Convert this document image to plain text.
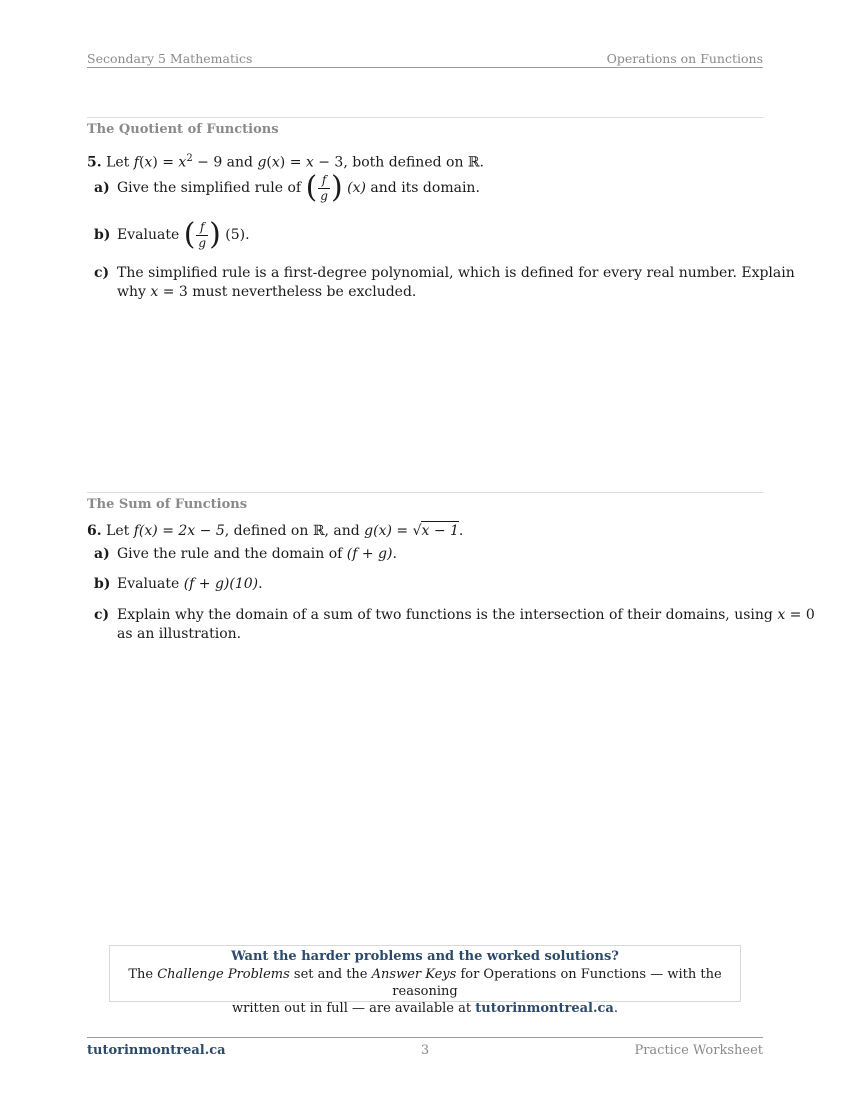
Secondary 5 Mathematics	Operations on Functions
The Quotient of Functions
5. Let $f(x) = x^2 - 9$ and g(x) = x − 3, both defined on ℝ.
a) Give the simplified rule of
( $\frac{f}{g}$ )
(x)
and its domain.
b) Evaluate
( $\frac{f}{g}$ )
(5).
c) The simplified rule is a first-degree polynomial, which is defined for every real number. Explain
why x = 3 must nevertheless be excluded.
The Sum of Functions
6. Let f(x) = 2x − 5, defined on ℝ, and g(x) = √x − 1.
a) Give the rule and the domain of (f + g).
b) Evaluate (f + g)(10).
c) Explain why the domain of a sum of two functions is the intersection of their domains, using x = 0
as an illustration.
Want the harder problems and the worked solutions?
The Challenge Problems set and the Answer Keys for Operations on Functions — with the reasoning
written out in full — are available at tutorinmontreal.ca.
tutorinmontreal.ca	3	Practice Worksheet
